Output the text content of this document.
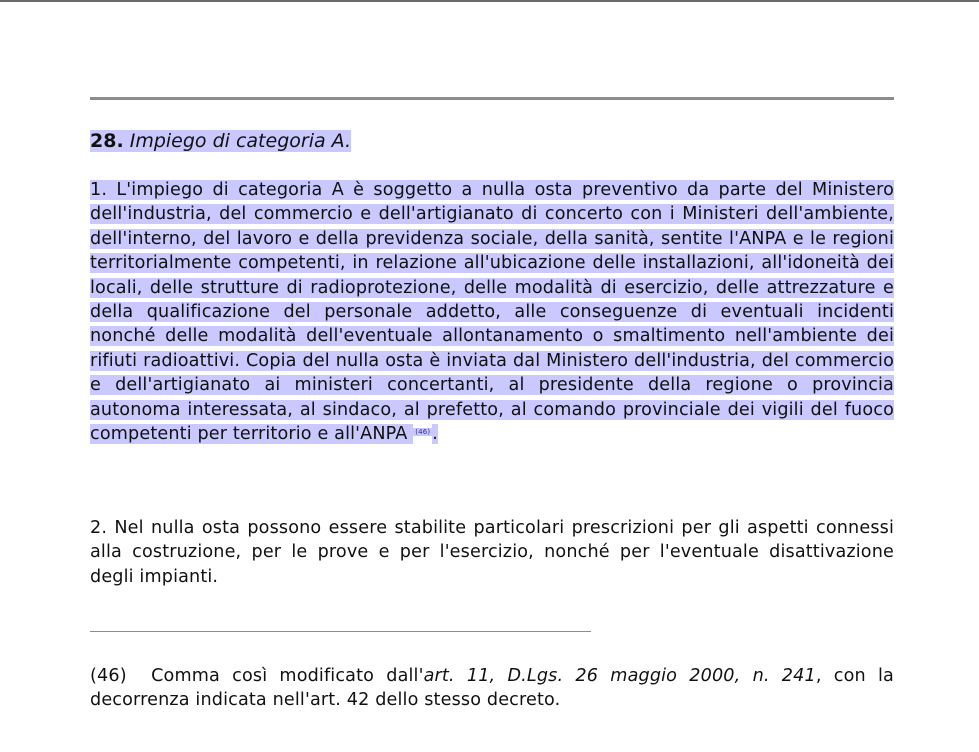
28. Impiego di categoria A.

1. L'impiego di categoria A è soggetto a nulla osta preventivo da parte del Ministero dell'industria, del commercio e dell'artigianato di concerto con i Ministeri dell'ambiente, dell'interno, del lavoro e della previdenza sociale, della sanità, sentite l'ANPA e le regioni territorialmente competenti, in relazione all'ubicazione delle installazioni, all'idoneità dei locali, delle strutture di radioprotezione, delle modalità di esercizio, delle attrezzature e della qualificazione del personale addetto, alle conseguenze di eventuali incidenti nonché delle modalità dell'eventuale allontanamento o smaltimento nell'ambiente dei rifiuti radioattivi. Copia del nulla osta è inviata dal Ministero dell'industria, del commercio e dell'artigianato ai ministeri concertanti, al presidente della regione o provincia autonoma interessata, al sindaco, al prefetto, al comando provinciale dei vigili del fuoco competenti per territorio e all'ANPA (46) .

2. Nel nulla osta possono essere stabilite particolari prescrizioni per gli aspetti connessi alla costruzione, per le prove e per l'esercizio, nonché per l'eventuale disattivazione degli impianti.

(46) Comma così modificato dall'art. 11, D.Lgs. 26 maggio 2000, n. 241, con la decorrenza indicata nell'art. 42 dello stesso decreto.
